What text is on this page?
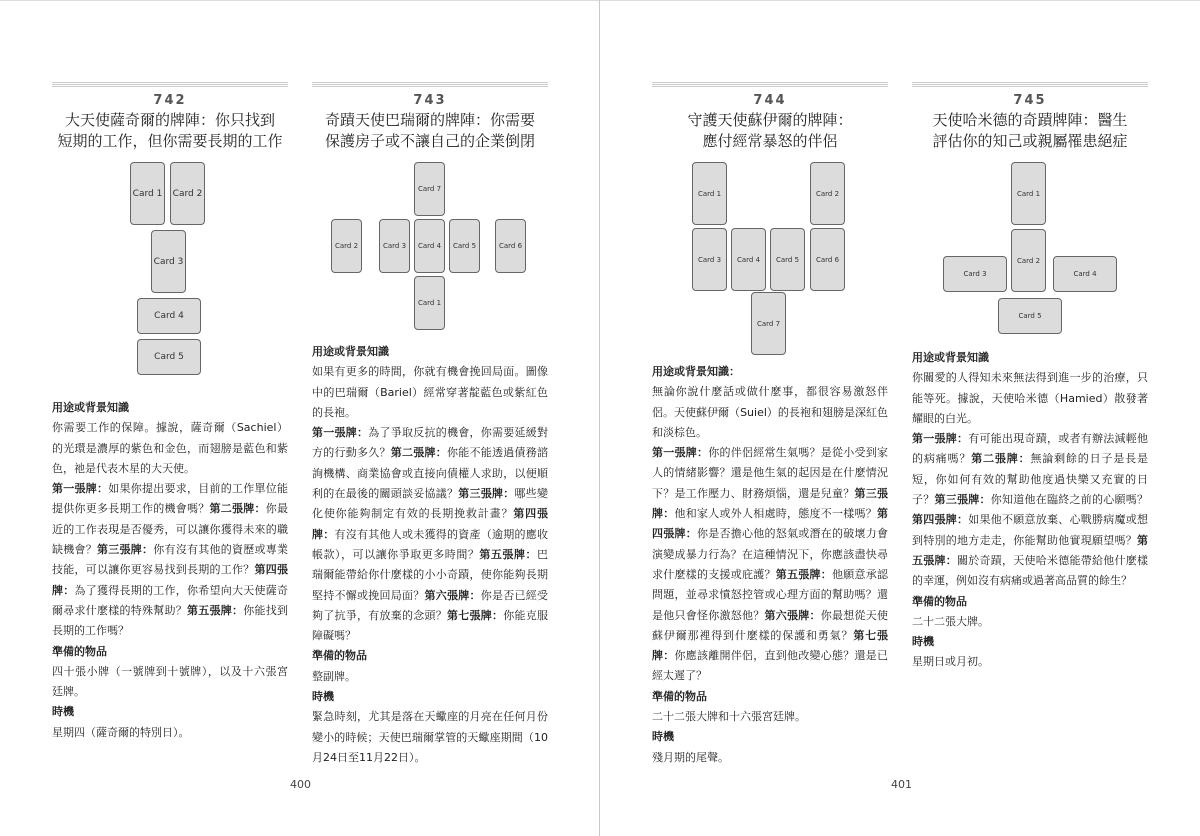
742
大天使薩奇爾的牌陣：你只找到
短期的工作，但你需要長期的工作
Card 1 Card 2
Card 3
Card 4
Card 5

用途或背景知識

你需要工作的保障。據說，薩奇爾（Sachiel）的光環是濃厚的紫色和金色，而翅膀是藍色和紫色，祂是代表木星的大天使。

第一張牌：如果你提出要求，目前的工作單位能提供你更多長期工作的機會嗎？第二張牌：你最近的工作表現是否優秀，可以讓你獲得未來的職缺機會？第三張牌：你有沒有其他的資歷或專業技能，可以讓你更容易找到長期的工作？第四張牌：為了獲得長期的工作，你希望向大天使薩奇爾尋求什麼樣的特殊幫助？第五張牌：你能找到長期的工作嗎？

準備的物品

四十張小牌（一號牌到十號牌），以及十六張宮廷牌。

時機

星期四（薩奇爾的特別日）。

743
奇蹟天使巴瑞爾的牌陣：你需要
保護房子或不讓自己的企業倒閉
Card 7
Card 2	Card 3	Card 4	Card 5	Card 6
Card 1

用途或背景知識

如果有更多的時間，你就有機會挽回局面。圖像中的巴瑞爾（Bariel）經常穿著靛藍色或紫紅色的長袍。

第一張牌：為了爭取反抗的機會，你需要延緩對方的行動多久？第二張牌：你能不能透過債務諮詢機構、商業協會或直接向債權人求助，以便順利的在最後的關頭談妥協議？第三張牌：哪些變化使你能夠制定有效的長期挽救計畫？第四張牌：有沒有其他人或未獲得的資產（逾期的應收帳款），可以讓你爭取更多時間？第五張牌：巴瑞爾能帶給你什麼樣的小小奇蹟，使你能夠長期堅持不懈或挽回局面？第六張牌：你是否已經受夠了抗爭，有放棄的念頭？第七張牌：你能克服障礙嗎？

準備的物品

整副牌。

時機

緊急時刻，尤其是落在天蠍座的月亮在任何月份變小的時候；天使巴瑞爾掌管的天蠍座期間（10月24日至11月22日）。

744
守護天使蘇伊爾的牌陣：
應付經常暴怒的伴侶
Card 1	Card 2
Card 3	Card 4	Card 5	Card 6
Card 7

用途或背景知識：

無論你說什麼話或做什麼事，都很容易激怒伴侶。天使蘇伊爾（Suiel）的長袍和翅膀是深紅色和淡棕色。

第一張牌：你的伴侶經常生氣嗎？是從小受到家人的情緒影響？還是他生氣的起因是在什麼情況下？是工作壓力、財務煩惱，還是兒童？第三張牌：他和家人或外人相處時，態度不一樣嗎？第四張牌：你是否擔心他的怒氣或潛在的破壞力會演變成暴力行為？在這種情況下，你應該盡快尋求什麼樣的支援或庇護？第五張牌：他願意承認問題，並尋求憤怒控管或心理方面的幫助嗎？還是他只會怪你激怒他？第六張牌：你最想從天使蘇伊爾那裡得到什麼樣的保護和勇氣？第七張牌：你應該離開伴侶，直到他改變心態？還是已經太遲了？

準備的物品

二十二張大牌和十六張宮廷牌。

時機

殘月期的尾聲。

745
天使哈米德的奇蹟牌陣：醫生
評估你的知己或親屬罹患絕症
Card 1
Card 2
Card 3	Card 4
Card 5

用途或背景知識

你關愛的人得知未來無法得到進一步的治療，只能等死。據說，天使哈米德（Hamied）散發著耀眼的白光。

第一張牌：有可能出現奇蹟，或者有辦法減輕他的病痛嗎？第二張牌：無論剩餘的日子是長是短，你如何有效的幫助他度過快樂又充實的日子？第三張牌：你知道他在臨終之前的心願嗎？第四張牌：如果他不願意放棄、心戰勝病魔或想到特別的地方走走，你能幫助他實現願望嗎？第五張牌：關於奇蹟，天使哈米德能帶給他什麼樣的幸運，例如沒有病痛或過著高品質的餘生？

準備的物品

二十二張大牌。

時機

星期日或月初。

400	401
